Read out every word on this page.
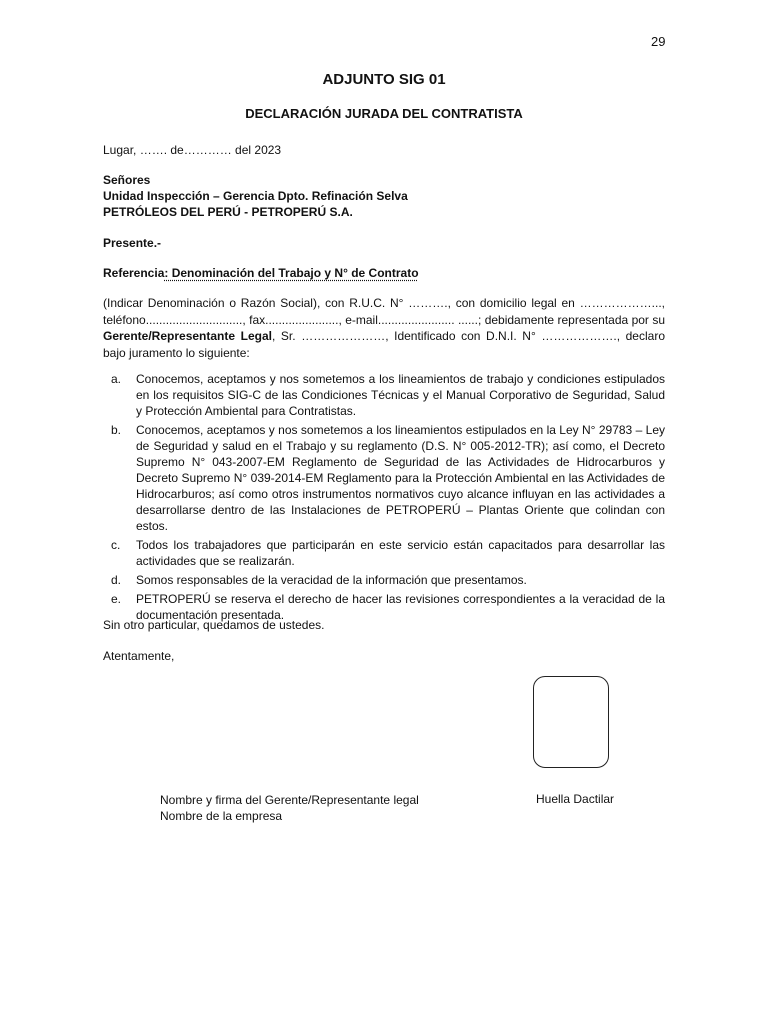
29
ADJUNTO SIG 01
DECLARACIÓN JURADA DEL CONTRATISTA
Lugar, ……. de………… del 2023
Señores
Unidad Inspección – Gerencia Dpto. Refinación Selva
PETRÓLEOS DEL PERÚ - PETROPERÚ S.A.
Presente.-
Referencia: Denominación del Trabajo y N° de Contrato

(Indicar Denominación o Razón Social), con R.U.C. N° ………., con domicilio legal en ………………..., teléfono............................., fax......................, e-mail....................... ......; debidamente representada por su Gerente/Representante Legal, Sr. …………………, Identificado con D.N.I. N° ………………., declaro bajo juramento lo siguiente:

a. Conocemos, aceptamos y nos sometemos a los lineamientos de trabajo y condiciones estipulados en los requisitos SIG-C de las Condiciones Técnicas y el Manual Corporativo de Seguridad, Salud y Protección Ambiental para Contratistas.
b. Conocemos, aceptamos y nos sometemos a los lineamientos estipulados en la Ley N° 29783 – Ley de Seguridad y salud en el Trabajo y su reglamento (D.S. N° 005-2012-TR); así como, el Decreto Supremo N° 043-2007-EM Reglamento de Seguridad de las Actividades de Hidrocarburos y Decreto Supremo N° 039-2014-EM Reglamento para la Protección Ambiental en las Actividades de Hidrocarburos; así como otros instrumentos normativos cuyo alcance influyan en las actividades a desarrollarse dentro de las Instalaciones de PETROPERÚ – Plantas Oriente que colindan con estos.
c. Todos los trabajadores que participarán en este servicio están capacitados para desarrollar las actividades que se realizarán.
d. Somos responsables de la veracidad de la información que presentamos.
e. PETROPERÚ se reserva el derecho de hacer las revisiones correspondientes a la veracidad de la documentación presentada.
Sin otro particular, quedamos de ustedes.
Atentamente,
Nombre y firma del Gerente/Representante legal
Nombre de la empresa
Huella Dactilar
